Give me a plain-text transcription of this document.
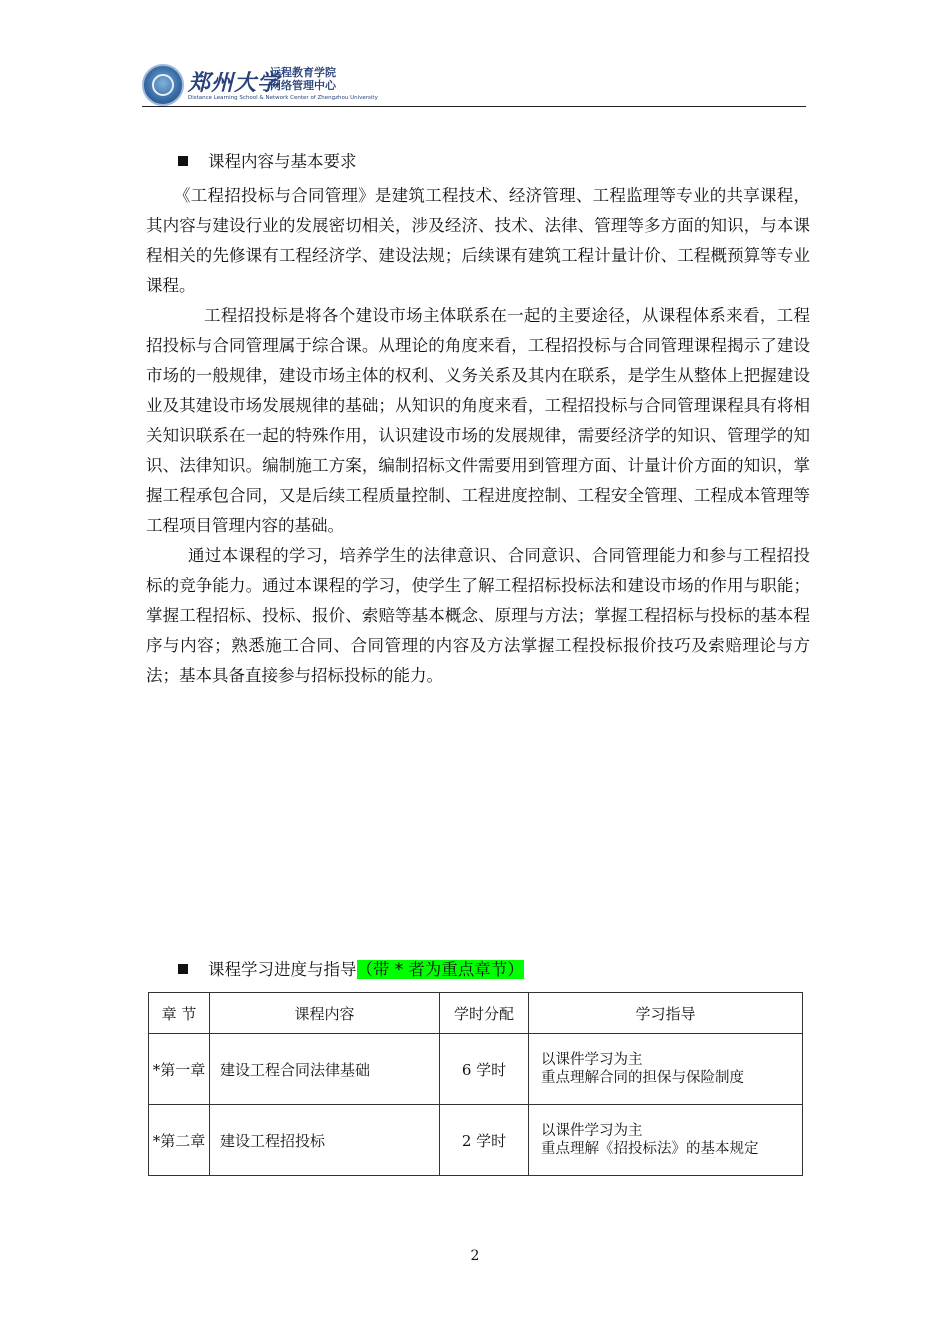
郑州大学
远程教育学院
网络管理中心
Distance Learning School & Network Center of Zhengzhou University
课程内容与基本要求

《工程招投标与合同管理》是建筑工程技术、经济管理、工程监理等专业的共享课程，其内容与建设行业的发展密切相关，涉及经济、技术、法律、管理等多方面的知识，与本课程相关的先修课有工程经济学、建设法规；后续课有建筑工程计量计价、工程概预算等专业课程。

工程招投标是将各个建设市场主体联系在一起的主要途径，从课程体系来看，工程招投标与合同管理属于综合课。从理论的角度来看，工程招投标与合同管理课程揭示了建设市场的一般规律，建设市场主体的权利、义务关系及其内在联系，是学生从整体上把握建设业及其建设市场发展规律的基础；从知识的角度来看，工程招投标与合同管理课程具有将相关知识联系在一起的特殊作用，认识建设市场的发展规律，需要经济学的知识、管理学的知识、法律知识。编制施工方案，编制招标文件需要用到管理方面、计量计价方面的知识，掌握工程承包合同，又是后续工程质量控制、工程进度控制、工程安全管理、工程成本管理等工程项目管理内容的基础。

通过本课程的学习，培养学生的法律意识、合同意识、合同管理能力和参与工程招投标的竞争能力。通过本课程的学习，使学生了解工程招标投标法和建设市场的作用与职能； 掌握工程招标、投标、报价、索赔等基本概念、原理与方法；掌握工程招标与投标的基本程序与内容；熟悉施工合同、合同管理的内容及方法掌握工程投标报价技巧及索赔理论与方法；基本具备直接参与招标投标的能力。

课程学习进度与指导（带 * 者为重点章节）
章 节	课程内容	学时分配	学习指导
*第一章	建设工程合同法律基础	6 学时	以课件学习为主
重点理解合同的担保与保险制度

*第二章	建设工程招投标	2 学时	以课件学习为主
重点理解《招投标法》的基本规定
2
